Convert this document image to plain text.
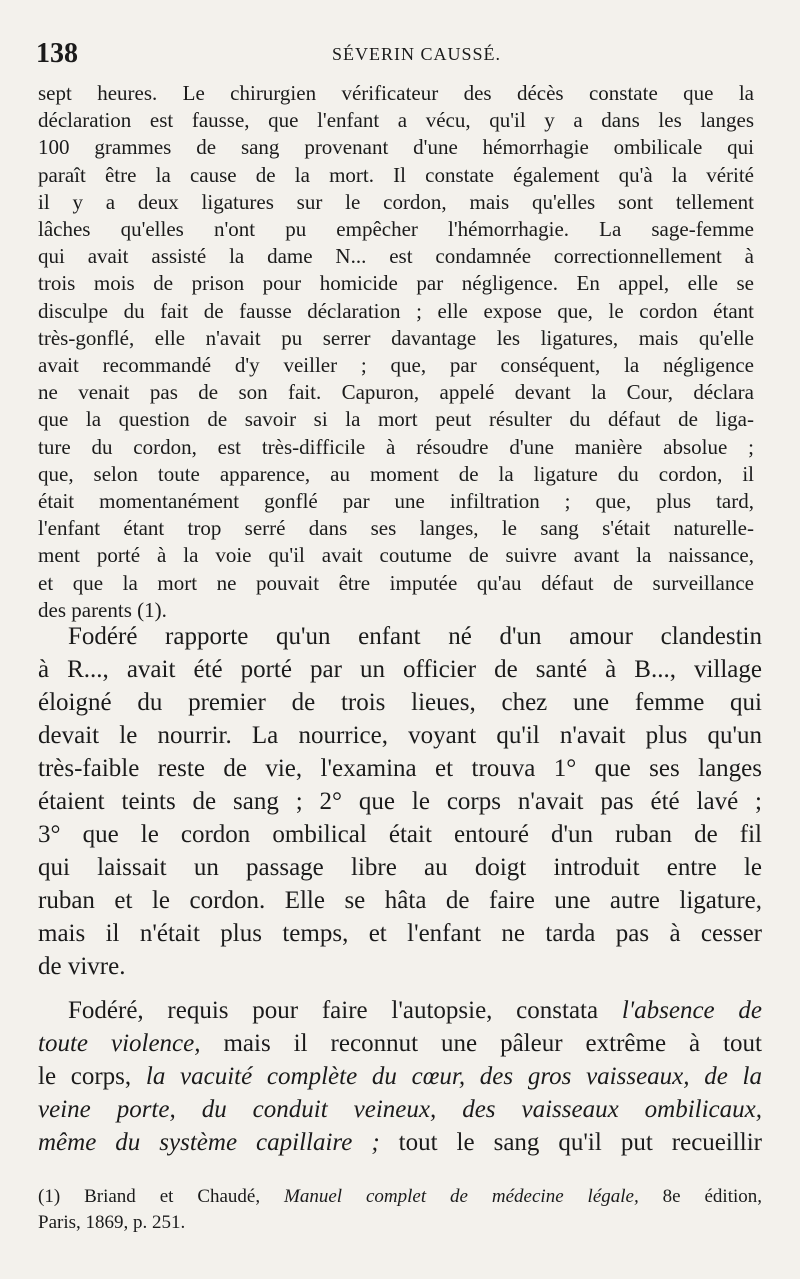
138	SÉVERIN CAUSSÉ.
sept heures. Le chirurgien vérificateur des décès constate que la
déclaration est fausse, que l'enfant a vécu, qu'il y a dans les langes
100 grammes de sang provenant d'une hémorrhagie ombilicale qui
paraît être la cause de la mort. Il constate également qu'à la vérité
il y a deux ligatures sur le cordon, mais qu'elles sont tellement
lâches qu'elles n'ont pu empêcher l'hémorrhagie. La sage-femme
qui avait assisté la dame N... est condamnée correctionnellement à
trois mois de prison pour homicide par négligence. En appel, elle se
disculpe du fait de fausse déclaration ; elle expose que, le cordon étant
très-gonflé, elle n'avait pu serrer davantage les ligatures, mais qu'elle
avait recommandé d'y veiller ; que, par conséquent, la négligence
ne venait pas de son fait. Capuron, appelé devant la Cour, déclara
que la question de savoir si la mort peut résulter du défaut de liga-
ture du cordon, est très-difficile à résoudre d'une manière absolue ;
que, selon toute apparence, au moment de la ligature du cordon, il
était momentanément gonflé par une infiltration ; que, plus tard,
l'enfant étant trop serré dans ses langes, le sang s'était naturelle-
ment porté à la voie qu'il avait coutume de suivre avant la naissance,
et que la mort ne pouvait être imputée qu'au défaut de surveillance
des parents (1).
Fodéré rapporte qu'un enfant né d'un amour clandestin
à R..., avait été porté par un officier de santé à B..., village
éloigné du premier de trois lieues, chez une femme qui
devait le nourrir. La nourrice, voyant qu'il n'avait plus qu'un
très-faible reste de vie, l'examina et trouva 1° que ses langes
étaient teints de sang ; 2° que le corps n'avait pas été lavé ;
3° que le cordon ombilical était entouré d'un ruban de fil
qui laissait un passage libre au doigt introduit entre le
ruban et le cordon. Elle se hâta de faire une autre ligature,
mais il n'était plus temps, et l'enfant ne tarda pas à cesser
de vivre.
Fodéré, requis pour faire l'autopsie, constata l'absence de
toute violence, mais il reconnut une pâleur extrême à tout
le corps, la vacuité complète du cœur, des gros vaisseaux, de la
veine porte, du conduit veineux, des vaisseaux ombilicaux,
même du système capillaire ; tout le sang qu'il put recueillir
(1) Briand et Chaudé, Manuel complet de médecine légale, 8e édition,
Paris, 1869, p. 251.
